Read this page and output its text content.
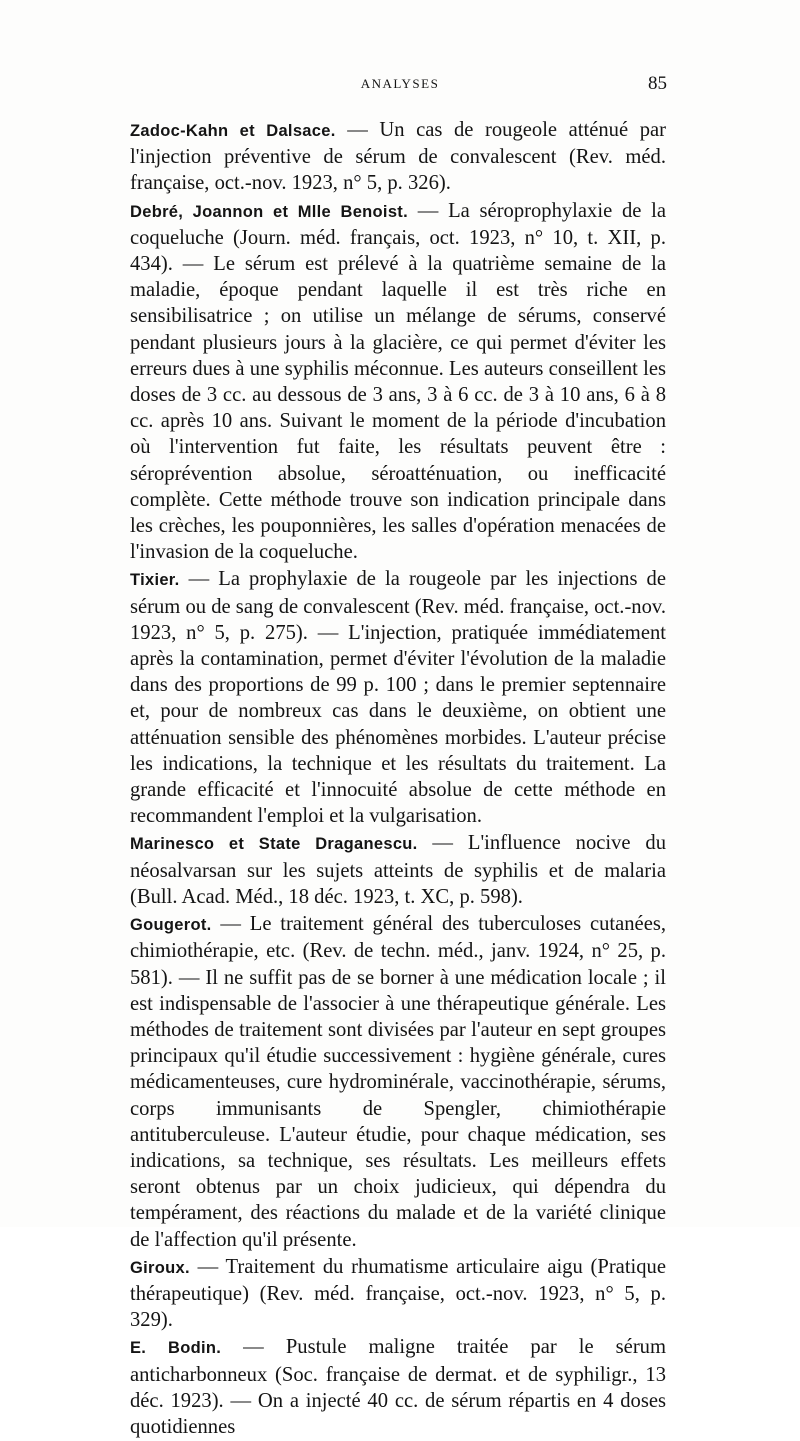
ANALYSES	85

Zadoc-Kahn et Dalsace. — Un cas de rougeole atténué par l'injection préventive de sérum de convalescent (Rev. méd. française, oct.-nov. 1923, n° 5, p. 326).

Debré, Joannon et Mlle Benoist. — La séroprophylaxie de la coqueluche (Journ. méd. français, oct. 1923, n° 10, t. XII, p. 434). — Le sérum est prélevé à la quatrième semaine de la maladie, époque pendant laquelle il est très riche en sensibilisatrice ; on utilise un mélange de sérums, conservé pendant plusieurs jours à la glacière, ce qui permet d'éviter les erreurs dues à une syphilis méconnue. Les auteurs conseillent les doses de 3 cc. au dessous de 3 ans, 3 à 6 cc. de 3 à 10 ans, 6 à 8 cc. après 10 ans. Suivant le moment de la période d'incubation où l'intervention fut faite, les résultats peuvent être : séroprévention absolue, séroatténuation, ou inefficacité complète. Cette méthode trouve son indication principale dans les crèches, les pouponnières, les salles d'opération menacées de l'invasion de la coqueluche.

Tixier. — La prophylaxie de la rougeole par les injections de sérum ou de sang de convalescent (Rev. méd. française, oct.-nov. 1923, n° 5, p. 275). — L'injection, pratiquée immédiatement après la contamination, permet d'éviter l'évolution de la maladie dans des proportions de 99 p. 100 ; dans le premier septennaire et, pour de nombreux cas dans le deuxième, on obtient une atténuation sensible des phénomènes morbides. L'auteur précise les indications, la technique et les résultats du traitement. La grande efficacité et l'innocuité absolue de cette méthode en recommandent l'emploi et la vulgarisation.

Marinesco et State Draganescu. — L'influence nocive du néosalvarsan sur les sujets atteints de syphilis et de malaria (Bull. Acad. Méd., 18 déc. 1923, t. XC, p. 598).

Gougerot. — Le traitement général des tuberculoses cutanées, chimiothérapie, etc. (Rev. de techn. méd., janv. 1924, n° 25, p. 581). — Il ne suffit pas de se borner à une médication locale ; il est indispensable de l'associer à une thérapeutique générale. Les méthodes de traitement sont divisées par l'auteur en sept groupes principaux qu'il étudie successivement : hygiène générale, cures médicamenteuses, cure hydrominérale, vaccinothérapie, sérums, corps immunisants de Spengler, chimiothérapie antituberculeuse. L'auteur étudie, pour chaque médication, ses indications, sa technique, ses résultats. Les meilleurs effets seront obtenus par un choix judicieux, qui dépendra du tempérament, des réactions du malade et de la variété clinique de l'affection qu'il présente.

Giroux. — Traitement du rhumatisme articulaire aigu (Pratique thérapeutique) (Rev. méd. française, oct.-nov. 1923, n° 5, p. 329).

E. Bodin. — Pustule maligne traitée par le sérum anticharbonneux (Soc. française de dermat. et de syphiligr., 13 déc. 1923). — On a injecté 40 cc. de sérum répartis en 4 doses quotidiennes
